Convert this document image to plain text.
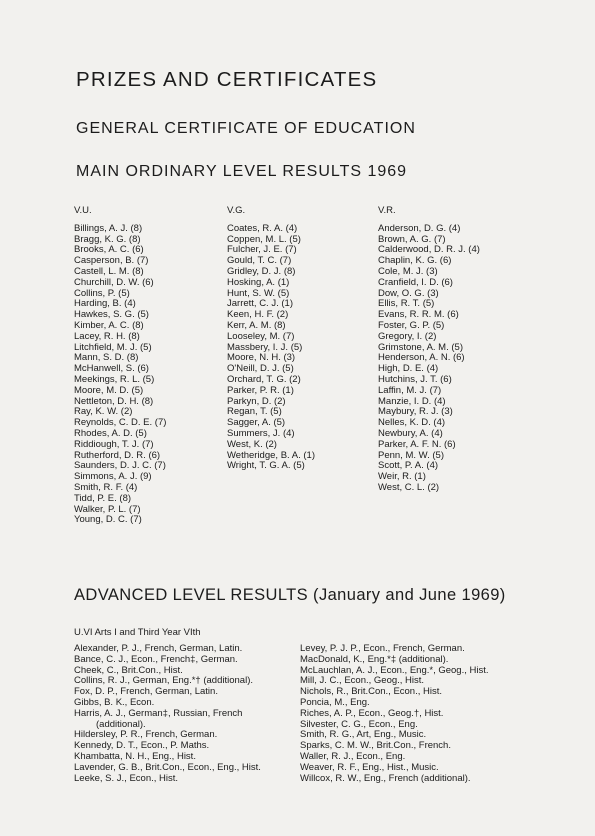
PRIZES AND CERTIFICATES
GENERAL CERTIFICATE OF EDUCATION
MAIN ORDINARY LEVEL RESULTS 1969
V.U.
Billings, A. J. (8)
Bragg, K. G. (8)
Brooks, A. C. (6)
Casperson, B. (7)
Castell, L. M. (8)
Churchill, D. W. (6)
Collins, P. (5)
Harding, B. (4)
Hawkes, S. G. (5)
Kimber, A. C. (8)
Lacey, R. H. (8)
Litchfield, M. J. (5)
Mann, S. D. (8)
McHanwell, S. (6)
Meekings, R. L. (5)
Moore, M. D. (5)
Nettleton, D. H. (8)
Ray, K. W. (2)
Reynolds, C. D. E. (7)
Rhodes, A. D. (5)
Riddiough, T. J. (7)
Rutherford, D. R. (6)
Saunders, D. J. C. (7)
Simmons, A. J. (9)
Smith, R. F. (4)
Tidd, P. E. (8)
Walker, P. L. (7)
Young, D. C. (7)
V.G.
Coates, R. A. (4)
Coppen, M. L. (5)
Fulcher, J. E. (7)
Gould, T. C. (7)
Gridley, D. J. (8)
Hosking, A. (1)
Hunt, S. W. (5)
Jarrett, C. J. (1)
Keen, H. F. (2)
Kerr, A. M. (8)
Looseley, M. (7)
Massbery, I. J. (5)
Moore, N. H. (3)
O'Neill, D. J. (5)
Orchard, T. G. (2)
Parker, P. R. (1)
Parkyn, D. (2)
Regan, T. (5)
Sagger, A. (5)
Summers, J. (4)
West, K. (2)
Wetheridge, B. A. (1)
Wright, T. G. A. (5)
V.R.
Anderson, D. G. (4)
Brown, A. G. (7)
Calderwood, D. R. J. (4)
Chaplin, K. G. (6)
Cole, M. J. (3)
Cranfield, I. D. (6)
Dow, O. G. (3)
Ellis, R. T. (5)
Evans, R. R. M. (6)
Foster, G. P. (5)
Gregory, I. (2)
Grimstone, A. M. (5)
Henderson, A. N. (6)
High, D. E. (4)
Hutchins, J. T. (6)
Laffin, M. J. (7)
Manzie, I. D. (4)
Maybury, R. J. (3)
Nelles, K. D. (4)
Newbury, A. (4)
Parker, A. F. N. (6)
Penn, M. W. (5)
Scott, P. A. (4)
Weir, R. (1)
West, C. L. (2)
ADVANCED LEVEL RESULTS (January and June 1969)
U.VI Arts I and Third Year VIth
Alexander, P. J., French, German, Latin.
Bance, C. J., Econ., French‡, German.
Cheek, C., Brit.Con., Hist.
Collins, R. J., German, Eng.*† (additional).
Fox, D. P., French, German, Latin.
Gibbs, B. K., Econ.
Harris, A. J., German‡, Russian, French (additional).
Hildersley, P. R., French, German.
Kennedy, D. T., Econ., P. Maths.
Khambatta, N. H., Eng., Hist.
Lavender, G. B., Brit.Con., Econ., Eng., Hist.
Leeke, S. J., Econ., Hist.
Levey, P. J. P., Econ., French, German.
MacDonald, K., Eng.*‡ (additional).
McLauchlan, A. J., Econ., Eng.*, Geog., Hist.
Mill, J. C., Econ., Geog., Hist.
Nichols, R., Brit.Con., Econ., Hist.
Poncia, M., Eng.
Riches, A. P., Econ., Geog.†, Hist.
Silvester, C. G., Econ., Eng.
Smith, R. G., Art, Eng., Music.
Sparks, C. M. W., Brit.Con., French.
Waller, R. J., Econ., Eng.
Weaver, R. F., Eng., Hist., Music.
Willcox, R. W., Eng., French (additional).
